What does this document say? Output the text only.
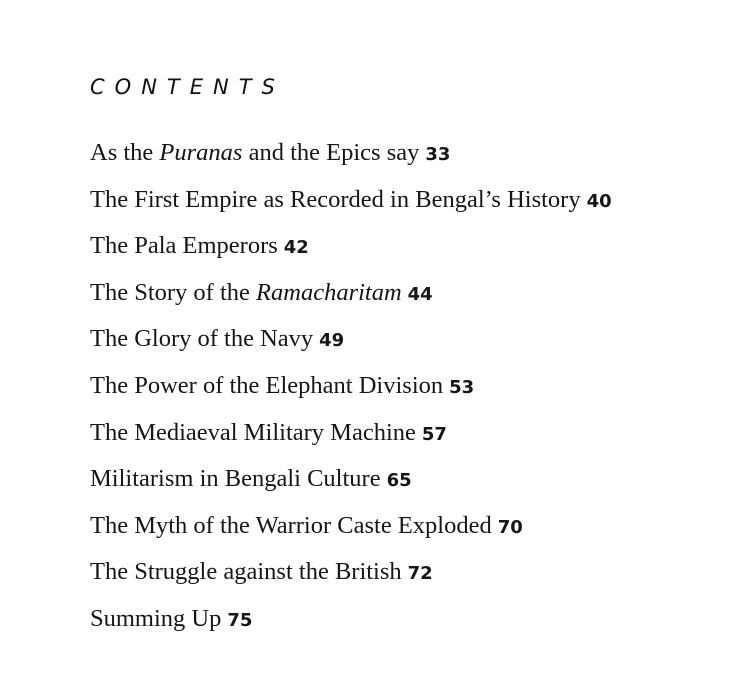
CONTENTS
As the Puranas and the Epics say 33
The First Empire as Recorded in Bengal’s History 40
The Pala Emperors 42
The Story of the Ramacharitam 44
The Glory of the Navy 49
The Power of the Elephant Division 53
The Mediaeval Military Machine 57
Militarism in Bengali Culture 65
The Myth of the Warrior Caste Exploded 70
The Struggle against the British 72
Summing Up 75
